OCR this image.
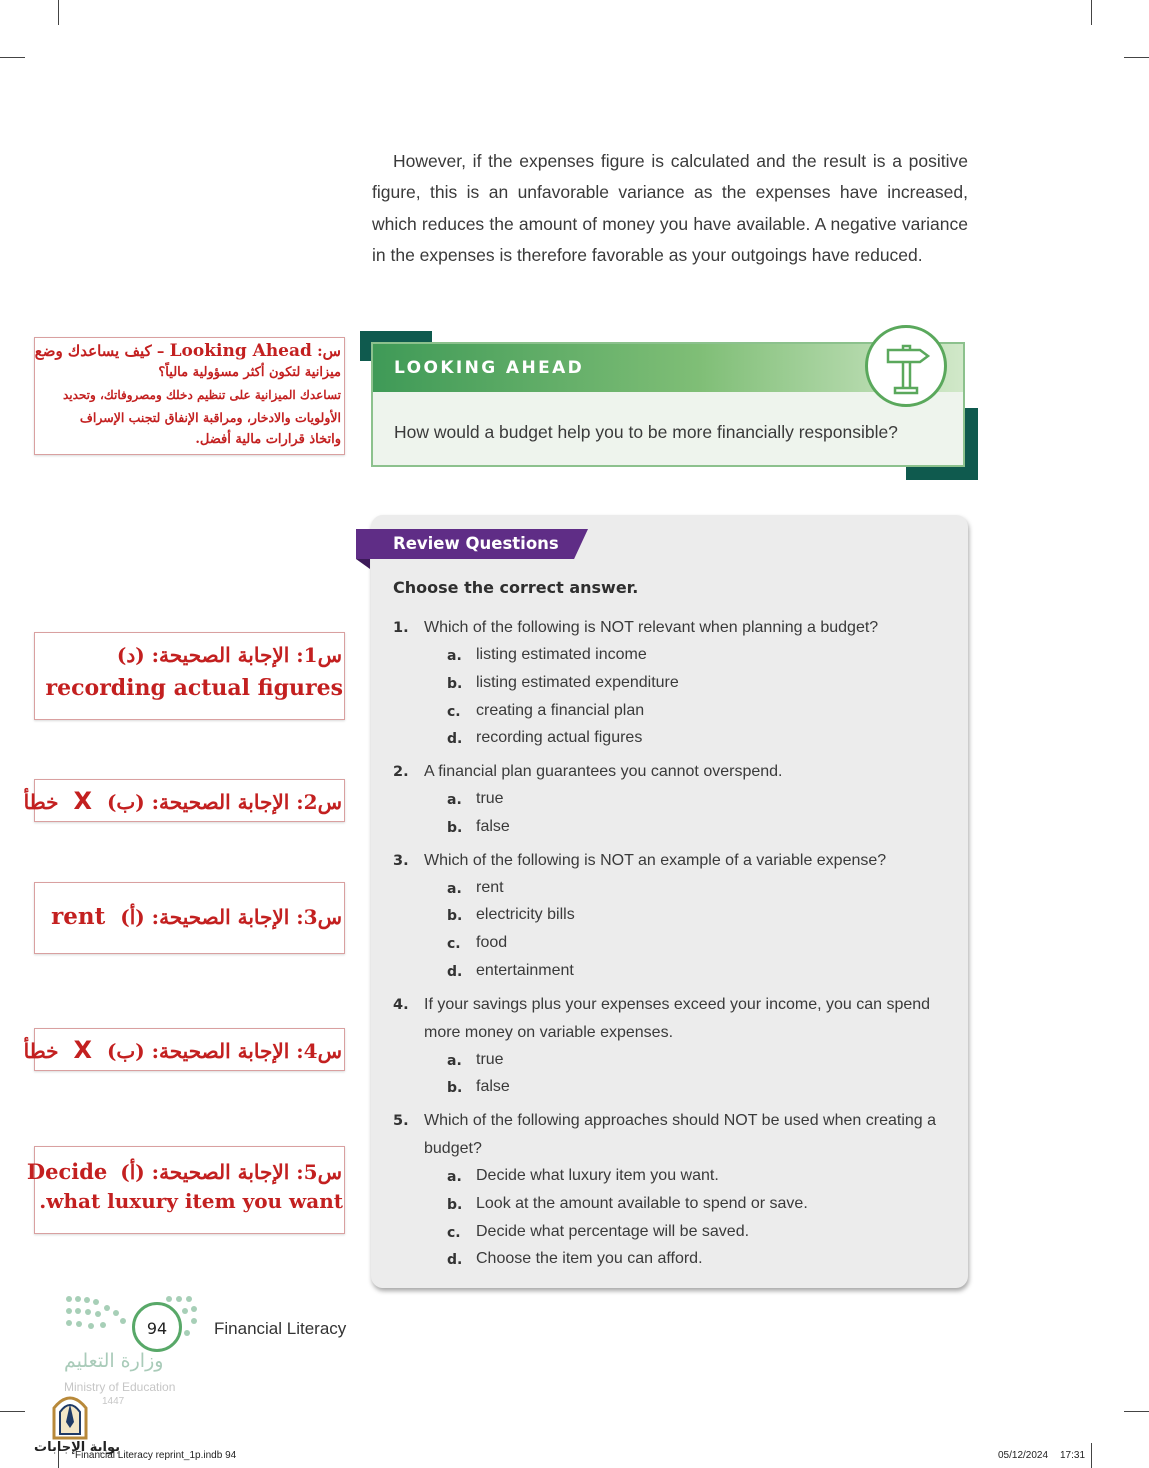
However, if the expenses figure is calculated and the result is a positive figure, this is an unfavorable variance as the expenses have increased, which reduces the amount of money you have available. A negative variance in the expenses is therefore favorable as your outgoings have reduced.

LOOKING AHEAD
How would a budget help you to be more financially responsible?
س: Looking Ahead – كيف يساعدك وضع
ميزانية لتكون أكثر مسؤولية مالياً؟
تساعدك الميزانية على تنظيم دخلك ومصروفاتك، وتحديد
الأولويات والادخار، ومراقبة الإنفاق لتجنب الإسراف
واتخاذ قرارات مالية أفضل.
س1: الإجابة الصحيحة: (د)
recording actual figures
س2: الإجابة الصحيحة: (ب) X خطأ
س3: الإجابة الصحيحة: (أ) rent
س4: الإجابة الصحيحة: (ب) X خطأ
س5: الإجابة الصحيحة: (أ) Decide
.what luxury item you want
Review Questions
Choose the correct answer.
1. Which of the following is NOT relevant when planning a budget?
a. listing estimated income
b. listing estimated expenditure
c. creating a financial plan
d. recording actual figures
2. A financial plan guarantees you cannot overspend.
a. true
b. false
3. Which of the following is NOT an example of a variable expense?
a. rent
b. electricity bills
c. food
d. entertainment
4. If your savings plus your expenses exceed your income, you can spend more money on variable expenses.
a. true
b. false
5. Which of the following approaches should NOT be used when creating a budget?
a. Decide what luxury item you want.
b. Look at the amount available to spend or save.
c. Decide what percentage will be saved.
d. Choose the item you can afford.
94	Financial Literacy
وزارة التعليم
Ministry of Education
1447
بوابة الإجابات
Financial Literacy reprint_1p.indb 94	05/12/2024 17:31
